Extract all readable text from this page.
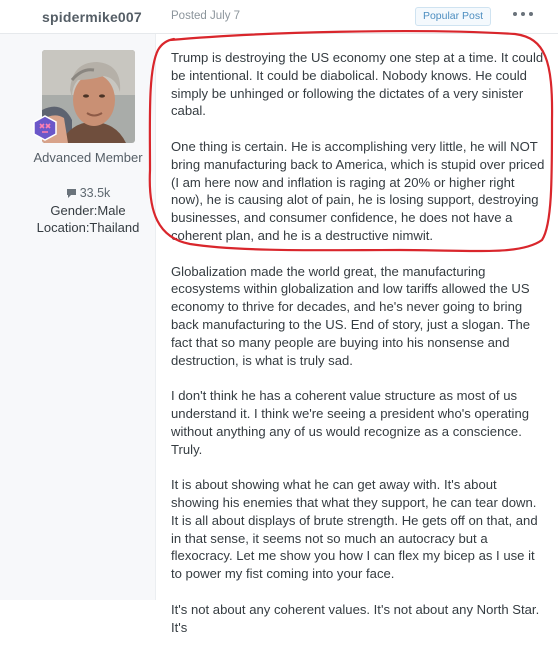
spidermike007	Posted July 7	Popular Post
Advanced Member
33.5k
Gender:Male
Location:Thailand

Trump is destroying the US economy one step at a time. It could be intentional. It could be diabolical. Nobody knows. He could simply be unhinged or following the dictates of a very sinister cabal.

One thing is certain. He is accomplishing very little, he will NOT bring manufacturing back to America, which is stupid over priced (I am here now and inflation is raging at 20% or higher right now), he is causing alot of pain, he is losing support, destroying businesses, and consumer confidence, he does not have a coherent plan, and he is a destructive nimwit.

Globalization made the world great, the manufacturing ecosystems within globalization and low tariffs allowed the US economy to thrive for decades, and he's never going to bring back manufacturing to the US. End of story, just a slogan. The fact that so many people are buying into his nonsense and destruction, is what is truly sad.

I don't think he has a coherent value structure as most of us understand it. I think we're seeing a president who's operating without anything any of us would recognize as a conscience. Truly.

It is about showing what he can get away with. It's about showing his enemies that what they support, he can tear down. It is all about displays of brute strength. He gets off on that, and in that sense, it seems not so much an autocracy but a flexocracy. Let me show you how I can flex my bicep as I use it to power my fist coming into your face.

It's not about any coherent values. It's not about any North Star. It's
